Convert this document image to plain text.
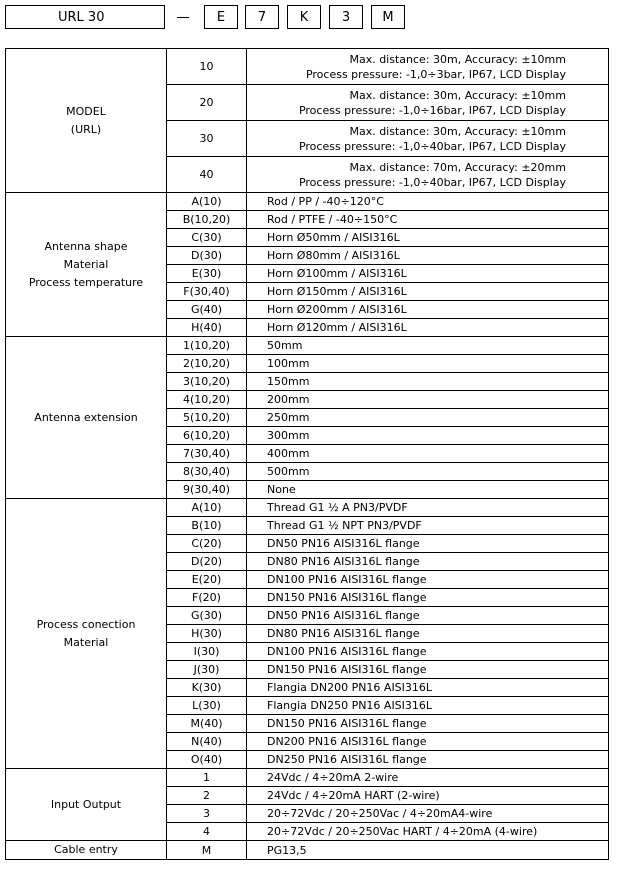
URL 30	E	7	K	3	M
MODEL
(URL)	10	Max. distance: 30m, Accuracy: ±10mm
Process pressure: -1,0÷3bar, IP67, LCD Display

	20	Max. distance: 30m, Accuracy: ±10mm
Process pressure: -1,0÷16bar, IP67, LCD Display

	30	Max. distance: 30m, Accuracy: ±10mm
Process pressure: -1,0÷40bar, IP67, LCD Display

	40	Max. distance: 70m, Accuracy: ±20mm
Process pressure: -1,0÷40bar, IP67, LCD Display

Antenna shape
Material
Process temperature	A(10)	Rod / PP / -40÷120°C
	B(10,20)	Rod / PTFE / -40÷150°C
	C(30)	Horn Ø50mm / AISI316L
	D(30)	Horn Ø80mm / AISI316L
	E(30)	Horn Ø100mm / AISI316L
	F(30,40)	Horn Ø150mm / AISI316L
	G(40)	Horn Ø200mm / AISI316L
	H(40)	Horn Ø120mm / AISI316L

Antenna extension	1(10,20)	50mm
	2(10,20)	100mm
	3(10,20)	150mm
	4(10,20)	200mm
	5(10,20)	250mm
	6(10,20)	300mm
	7(30,40)	400mm
	8(30,40)	500mm
	9(30,40)	None

Process conection
Material	A(10)	Thread G1 ½ A PN3/PVDF
	B(10)	Thread G1 ½ NPT PN3/PVDF
	C(20)	DN50 PN16 AISI316L flange
	D(20)	DN80 PN16 AISI316L flange
	E(20)	DN100 PN16 AISI316L flange
	F(20)	DN150 PN16 AISI316L flange
	G(30)	DN50 PN16 AISI316L flange
	H(30)	DN80 PN16 AISI316L flange
	I(30)	DN100 PN16 AISI316L flange
	J(30)	DN150 PN16 AISI316L flange
	K(30)	Flangia DN200 PN16 AISI316L
	L(30)	Flangia DN250 PN16 AISI316L
	M(40)	DN150 PN16 AISI316L flange
	N(40)	DN200 PN16 AISI316L flange
	O(40)	DN250 PN16 AISI316L flange

Input Output	1	24Vdc / 4÷20mA 2-wire
	2	24Vdc / 4÷20mA HART (2-wire)
	3	20÷72Vdc / 20÷250Vac / 4÷20mA4-wire
	4	20÷72Vdc / 20÷250Vac HART / 4÷20mA (4-wire)

Cable entry	M	PG13,5
